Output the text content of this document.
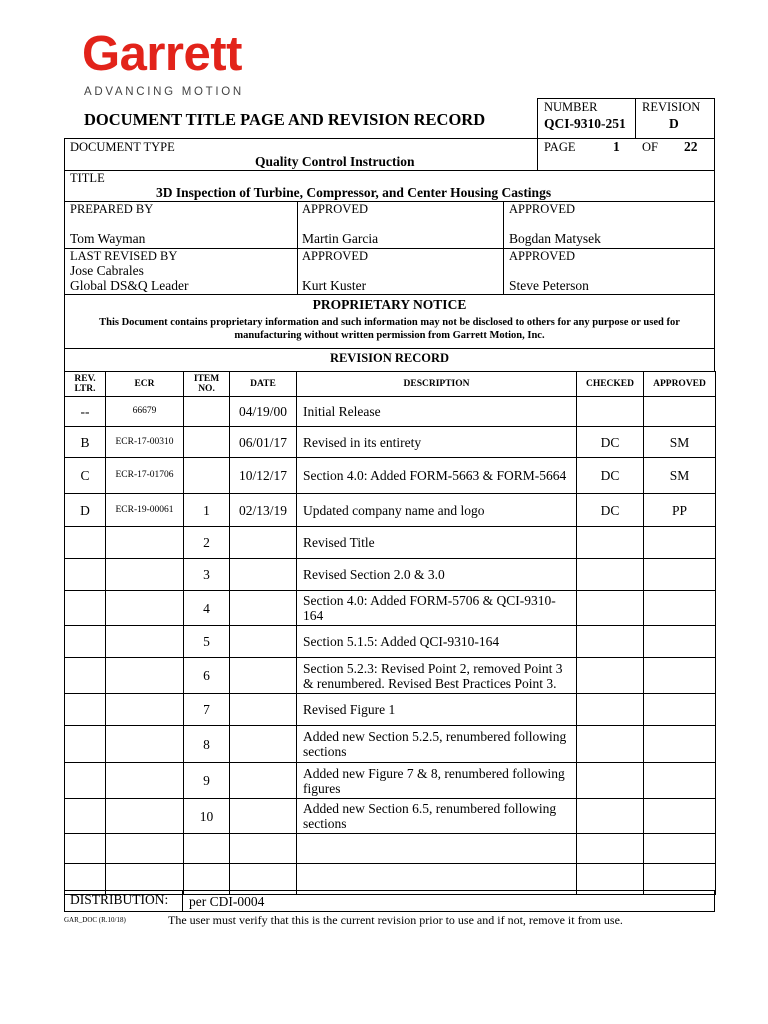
Garrett
ADVANCING MOTION
DOCUMENT TITLE PAGE AND REVISION RECORD
NUMBER
QCI-9310-251
REVISION
D
DOCUMENT TYPE
Quality Control Instruction
PAGE	1 OF 22
TITLE
3D Inspection of Turbine, Compressor, and Center Housing Castings
PREPARED BY
Tom Wayman
APPROVED
Martin Garcia
APPROVED
Bogdan Matysek
LAST REVISED BY
Jose Cabrales
Global DS&Q Leader
APPROVED
Kurt Kuster
APPROVED
Steve Peterson
PROPRIETARY NOTICE
This Document contains proprietary information and such information may not be disclosed to others for any purpose or used for
manufacturing without written permission from Garrett Motion, Inc.
REVISION RECORD
REV. LTR.	ECR	ITEM NO.	DATE	DESCRIPTION	CHECKED	APPROVED
--	66679		04/19/00	Initial Release		
B	ECR-17-00310		06/01/17	Revised in its entirety	DC	SM
C	ECR-17-01706		10/12/17	Section 4.0: Added FORM-5663 & FORM-5664	DC	SM
D	ECR-19-00061	1	02/13/19	Updated company name and logo	DC	PP
		2		Revised Title		
		3		Revised Section 2.0 & 3.0		
		4		Section 4.0: Added FORM-5706 & QCI-9310-164		
		5		Section 5.1.5: Added QCI-9310-164		
		6		Section 5.2.3: Revised Point 2, removed Point 3 & renumbered. Revised Best Practices Point 3.		
		7		Revised Figure 1		
		8		Added new Section 5.2.5, renumbered following sections		
		9		Added new Figure 7 & 8, renumbered following figures		
		10		Added new Section 6.5, renumbered following sections		

DISTRIBUTION: per CDI-0004
GAR_DOC (R.10/18)	The user must verify that this is the current revision prior to use and if not, remove it from use.
